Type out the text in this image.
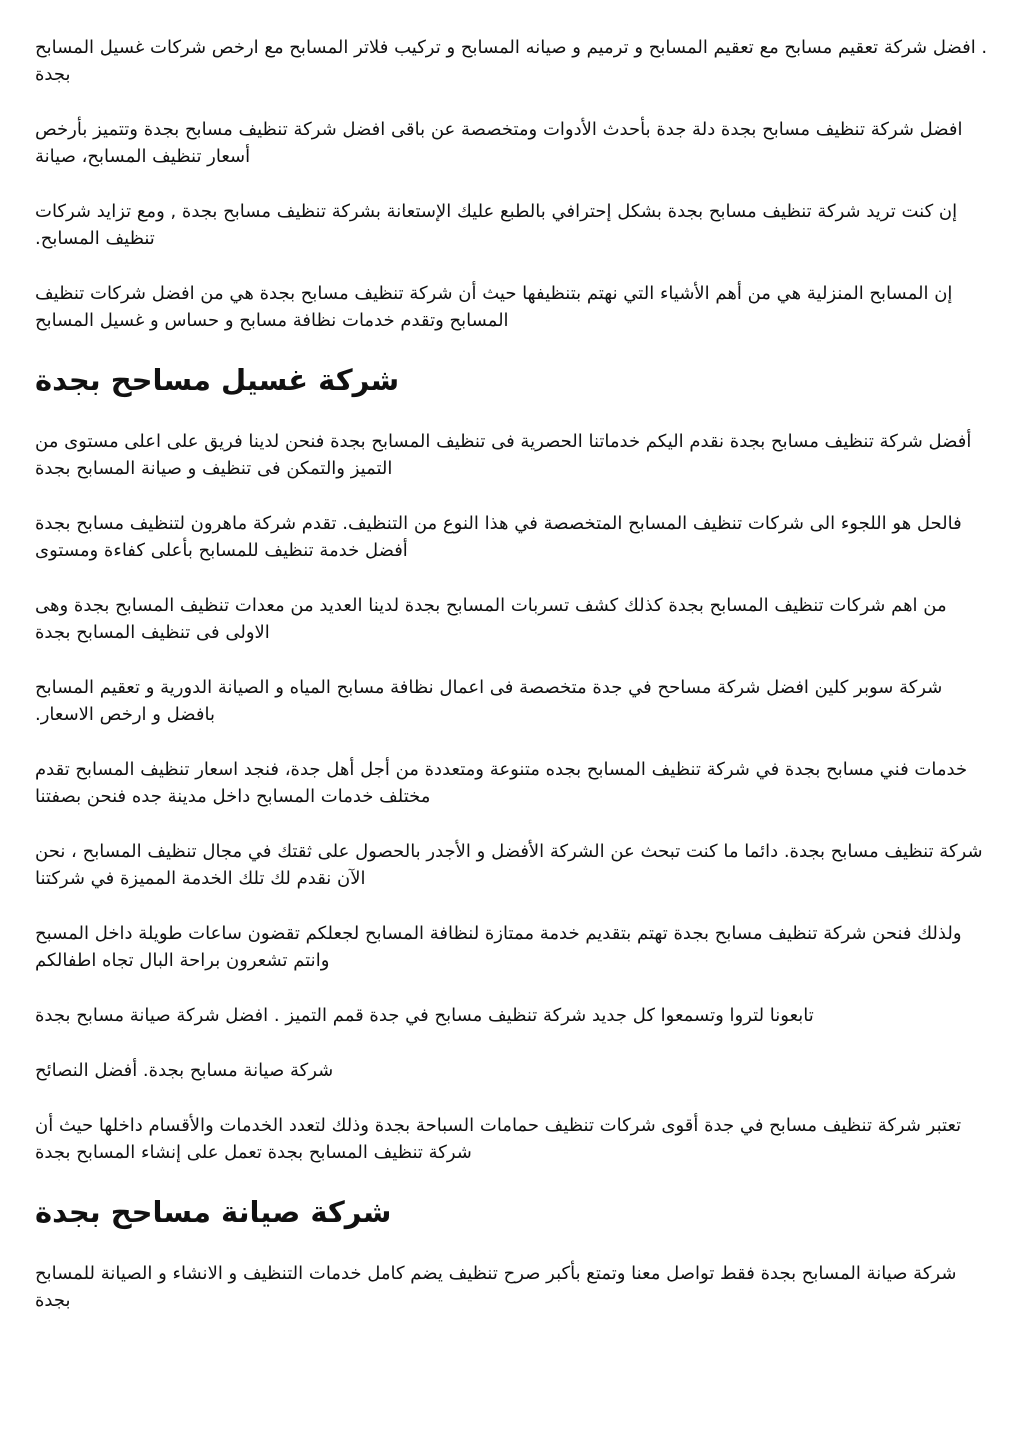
. افضل شركة تعقيم مسابح مع تعقيم المسابح و ترميم و صيانه المسابح و تركيب فلاتر المسابح مع ارخص شركات غسيل المسابح بجدة

افضل شركة تنظيف مسابح بجدة دلة جدة بأحدث الأدوات ومتخصصة عن باقى افضل شركة تنظيف مسابح بجدة وتتميز بأرخص أسعار تنظيف المسابح، صيانة

إن كنت تريد شركة تنظيف مسابح بجدة بشكل إحترافي بالطبع عليك الإستعانة بشركة تنظيف مسابح بجدة , ومع تزايد شركات تنظيف المسابح.

إن المسابح المنزلية هي من أهم الأشياء التي نهتم بتنظيفها حيث أن شركة تنظيف مسابح بجدة هي من افضل شركات تنظيف المسابح وتقدم خدمات نظافة مسابح و حساس و غسيل المسابح

شركة غسيل مساحح بجدة

أفضل شركة تنظيف مسابح بجدة نقدم اليكم خدماتنا الحصرية فى تنظيف المسابح بجدة فنحن لدينا فريق على اعلى مستوى من التميز والتمكن فى تنظيف و صيانة المسابح بجدة

فالحل هو اللجوء الى شركات تنظيف المسابح المتخصصة في هذا النوع من التنظيف. تقدم شركة ماهرون لتنظيف مسابح بجدة أفضل خدمة تنظيف للمسابح بأعلى كفاءة ومستوى

من اهم شركات تنظيف المسابح بجدة كذلك كشف تسربات المسابح بجدة لدينا العديد من معدات تنظيف المسابح بجدة وهى الاولى فى تنظيف المسابح بجدة

شركة سوبر كلين افضل شركة مساحح في جدة متخصصة فى اعمال نظافة مسابح المياه و الصيانة الدورية و تعقيم المسابح بافضل و ارخص الاسعار.

خدمات فني مسابح بجدة في شركة تنظيف المسابح بجده متنوعة ومتعددة من أجل أهل جدة، فنجد اسعار تنظيف المسابح تقدم مختلف خدمات المسابح داخل مدينة جده فنحن بصفتنا

شركة تنظيف مسابح بجدة. دائما ما كنت تبحث عن الشركة الأفضل و الأجدر بالحصول على ثقتك في مجال تنظيف المسابح ، نحن الآن نقدم لك تلك الخدمة المميزة في شركتنا

ولذلك فنحن شركة تنظيف مسابح بجدة تهتم بتقديم خدمة ممتازة لنظافة المسابح لجعلكم تقضون ساعات طويلة داخل المسبح وانتم تشعرون براحة البال تجاه اطفالكم

تابعونا لتروا وتسمعوا كل جديد شركة تنظيف مسابح في جدة قمم التميز . افضل شركة صيانة مسابح بجدة

شركة صيانة مسابح بجدة. أفضل النصائح

تعتبر شركة تنظيف مسابح في جدة أقوى شركات تنظيف حمامات السباحة بجدة وذلك لتعدد الخدمات والأقسام داخلها حيث أن شركة تنظيف المسابح بجدة تعمل على إنشاء المسابح بجدة

شركة صيانة مساحح بجدة

شركة صيانة المسابح بجدة فقط تواصل معنا وتمتع بأكبر صرح تنظيف يضم كامل خدمات التنظيف و الانشاء و الصيانة للمسابح بجدة
